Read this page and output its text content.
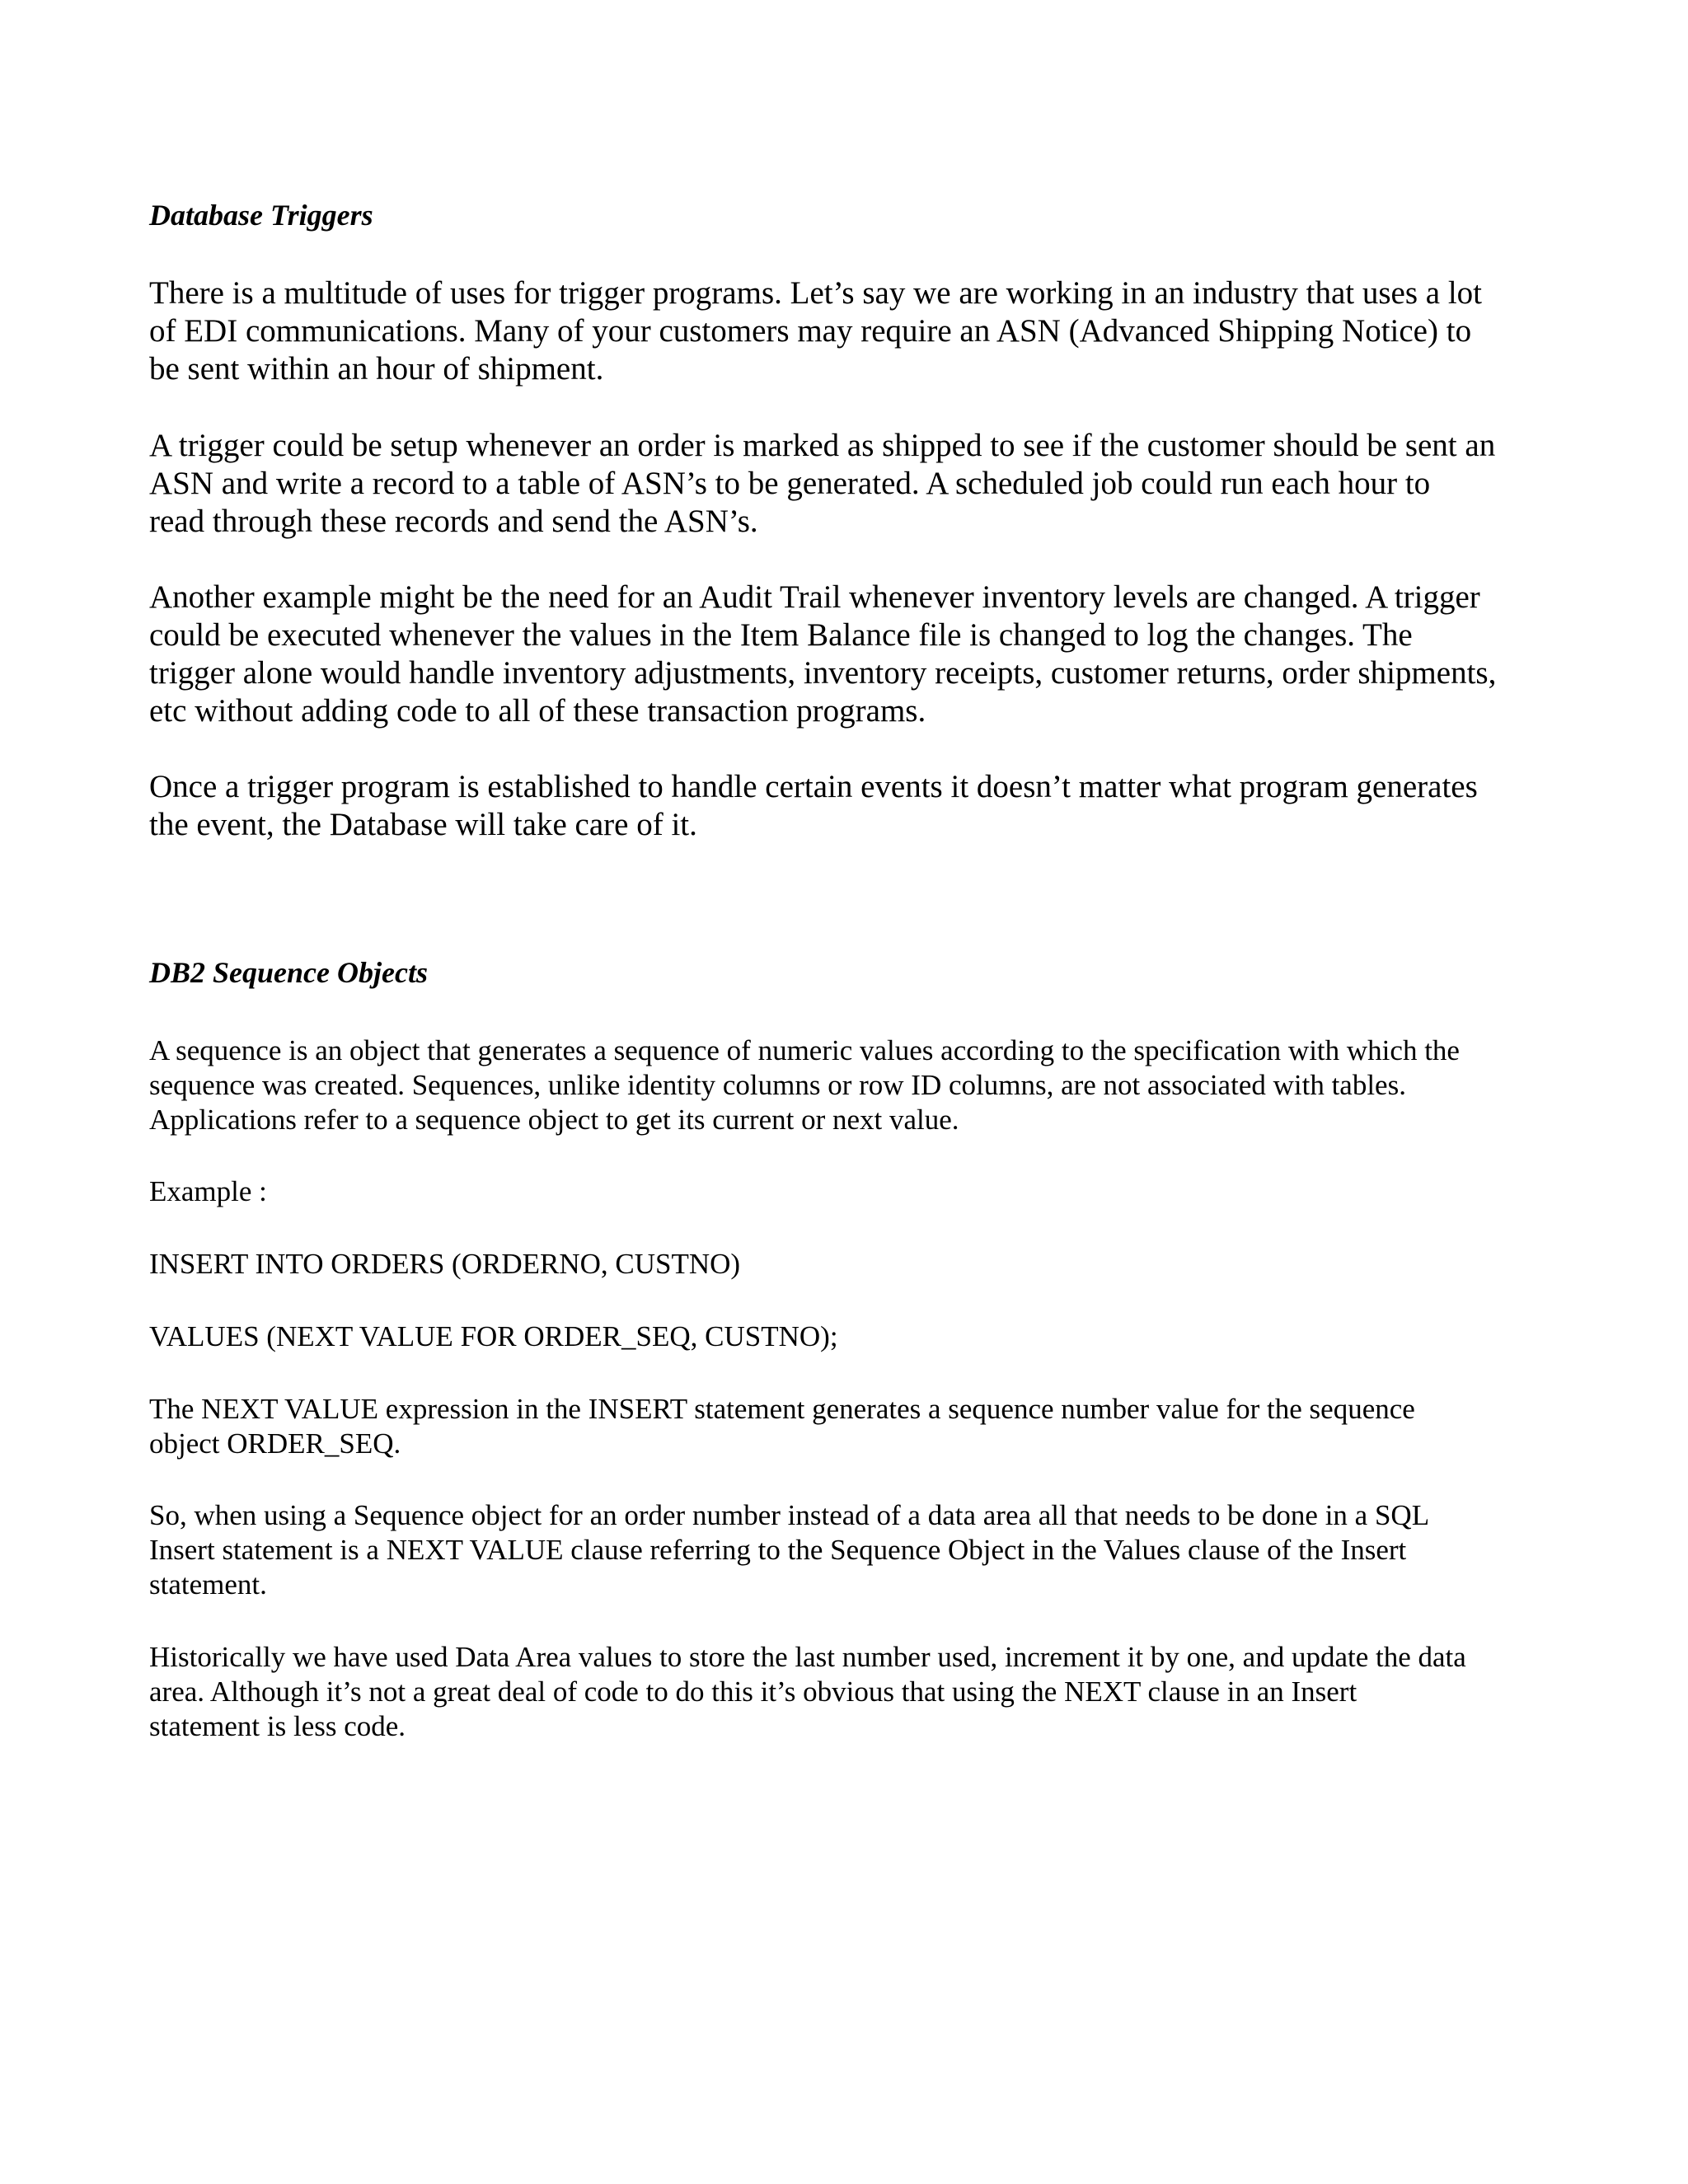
Database Triggers

There is a multitude of uses for trigger programs. Let’s say we are working in an industry that uses a lot
of EDI communications. Many of your customers may require an ASN (Advanced Shipping Notice) to
be sent within an hour of shipment.

A trigger could be setup whenever an order is marked as shipped to see if the customer should be sent an
ASN and write a record to a table of ASN’s to be generated. A scheduled job could run each hour to
read through these records and send the ASN’s.

Another example might be the need for an Audit Trail whenever inventory levels are changed. A trigger
could be executed whenever the values in the Item Balance file is changed to log the changes. The
trigger alone would handle inventory adjustments, inventory receipts, customer returns, order shipments,
etc without adding code to all of these transaction programs.

Once a trigger program is established to handle certain events it doesn’t matter what program generates
the event, the Database will take care of it.

DB2 Sequence Objects

A sequence is an object that generates a sequence of numeric values according to the specification with which the
sequence was created. Sequences, unlike identity columns or row ID columns, are not associated with tables.
Applications refer to a sequence object to get its current or next value.

Example :

INSERT INTO ORDERS (ORDERNO, CUSTNO)

VALUES (NEXT VALUE FOR ORDER_SEQ, CUSTNO);

The NEXT VALUE expression in the INSERT statement generates a sequence number value for the sequence
object ORDER_SEQ.

So, when using a Sequence object for an order number instead of a data area all that needs to be done in a SQL
Insert statement is a NEXT VALUE clause referring to the Sequence Object in the Values clause of the Insert
statement.

Historically we have used Data Area values to store the last number used, increment it by one, and update the data
area. Although it’s not a great deal of code to do this it’s obvious that using the NEXT clause in an Insert
statement is less code.
